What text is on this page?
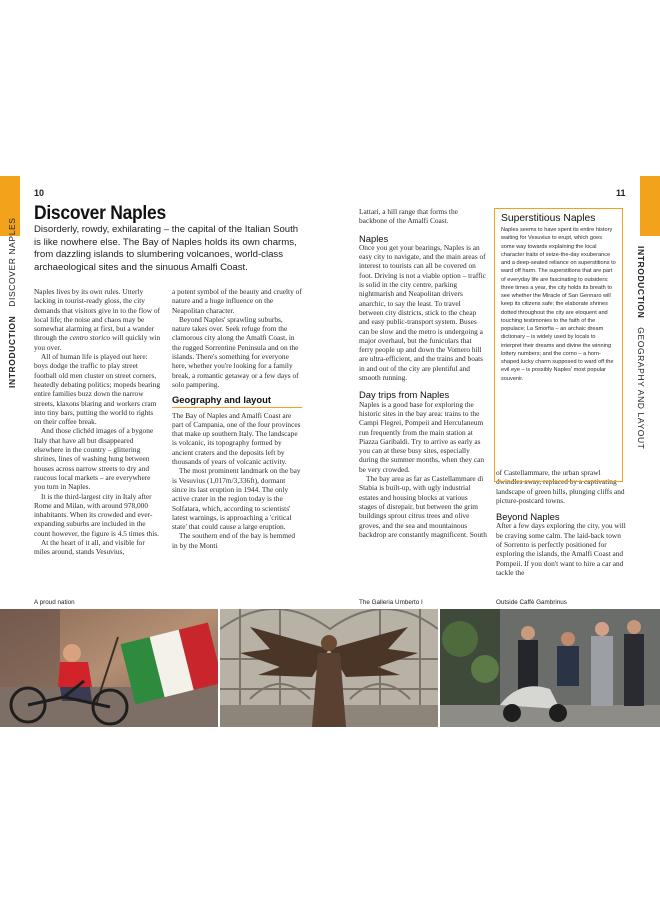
10	11
INTRODUCTION   DISCOVER NAPLES	INTRODUCTION   GEOGRAPHY AND LAYOUT
Discover Naples

Disorderly, rowdy, exhilarating – the capital of the Italian South is like nowhere else. The Bay of Naples holds its own charms, from dazzling islands to slumbering volcanoes, world-class archaeological sites and the sinuous Amalfi Coast.

Naples lives by its own rules. Utterly lacking in tourist-ready gloss, the city demands that visitors give in to the flow of local life; the noise and chaos may be somewhat alarming at first, but a wander through the centro storico will quickly win you over.

All of human life is played out here: boys dodge the traffic to play street football old men cluster on street corners, heatedly debating politics; mopeds bearing entire families buzz down the narrow streets, klaxons blaring and workers cram into tiny bars, putting the world to rights on their coffee break.

And those clichéd images of a bygone Italy that have all but disappeared elsewhere in the country – glittering shrines, lines of washing hung between houses across narrow streets to dry and raucous local markets – are everywhere you turn in Naples.

It is the third-largest city in Italy after Rome and Milan, with around 978,000 inhabitants. When its crowded and ever-expanding suburbs are included in the count however, the figure is 4.5 times this.

At the heart of it all, and visible for miles around, stands Vesuvius,

a potent symbol of the beauty and cruelty of nature and a huge influence on the Neapolitan character.

Beyond Naples' sprawling suburbs, nature takes over. Seek refuge from the clamorous city along the Amalfi Coast, in the rugged Sorrentine Peninsula and on the islands. There's something for everyone here, whether you're looking for a family break, a romantic getaway or a few days of solo pampering.

Geography and layout

The Bay of Naples and Amalfi Coast are part of Campania, one of the four provinces that make up southern Italy. The landscape is volcanic, its topography formed by ancient craters and the deposits left by thousands of years of volcanic activity.

The most prominent landmark on the bay is Vesuvius (1,017m/3,336ft), dormant since its last eruption in 1944. The only active crater in the region today is the Solfatara, which, according to scientists' latest warnings, is approaching a 'critical state' that could cause a large eruption.

The southern end of the bay is hemmed in by the Monti

Lattari, a hill range that forms the backbone of the Amalfi Coast.

Naples

Once you get your bearings, Naples is an easy city to navigate, and the main areas of interest to tourists can all be covered on foot. Driving is not a viable option – traffic is solid in the city centre, parking nightmarish and Neapolitan drivers anarchic, to say the least. To travel between city districts, stick to the cheap and easy public-transport system. Buses can be slow and the metro is undergoing a major overhaul, but the funiculars that ferry people up and down the Vomero hill are ultra-efficient, and the trains and boats in and out of the city are plentiful and smooth running.

Day trips from Naples

Naples is a good base for exploring the historic sites in the bay area: trains to the Campi Flegrei, Pompeii and Herculaneum run frequently from the main station at Piazza Garibaldi. Try to arrive as early as you can at these busy sites, especially during the summer months, when they can be very crowded.

The bay area as far as Castellammare di Stabia is built-up, with ugly industrial estates and housing blocks at various stages of disrepair, but between the grim buildings sprout citrus trees and olive groves, and the sea and mountainous backdrop are constantly magnificent. South

of Castellammare, the urban sprawl dwindles away, replaced by a captivating landscape of green hills, plunging cliffs and picture-postcard towns.

Beyond Naples

After a few days exploring the city, you will be craving some calm. The laid-back town of Sorrento is perfectly positioned for exploring the islands, the Amalfi Coast and Pompeii. If you don't want to hire a car and tackle the

Superstitious Naples

Naples seems to have spent its entire history waiting for Vesuvius to erupt, which goes some way towards explaining the local character traits of seize-the-day exuberance and a deep-seated reliance on superstitions to ward off harm. The superstitions that are part of everyday life are fascinating to outsiders: three times a year, the city holds its breath to see whether the Miracle of San Gennaro will keep its citizens safe; the elaborate shrines dotted throughout the city are eloquent and touching testimonies to the faith of the populace; La Smorfia – an archaic dream dictionary – is widely used by locals to interpret their dreams and divine the winning lottery numbers; and the corno – a horn-shaped lucky charm supposed to ward off the evil eye – is possibly Naples' most popular souvenir.

A proud nation	The Galleria Umberto I	Outside Caffè Gambrinus
